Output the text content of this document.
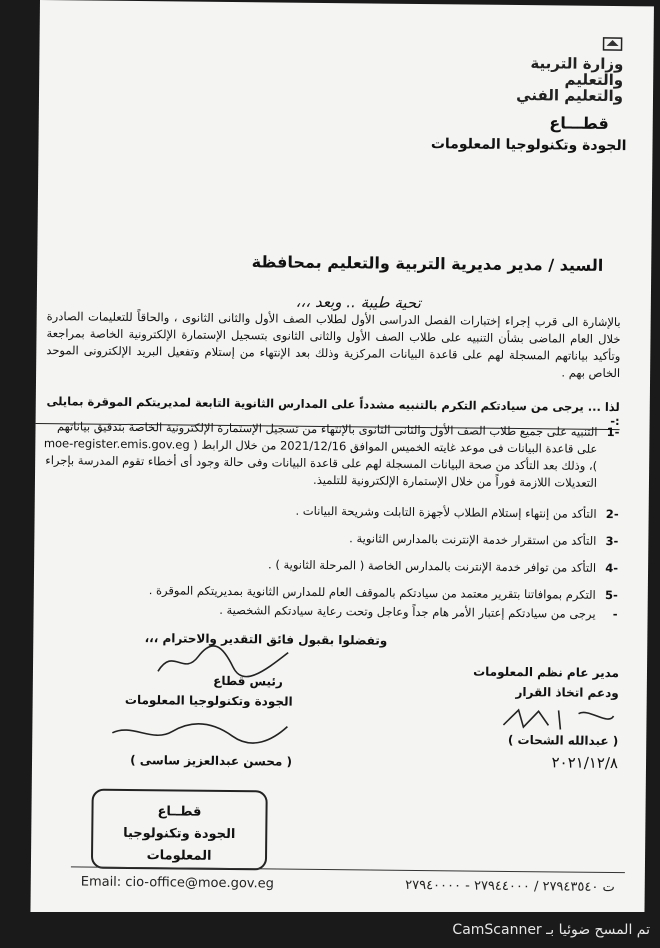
وزارة التربية والتعليم
والتعليم الفني
قطـــاع
الجودة وتكنولوجيا المعلومات
السيد / مدير مديرية التربية والتعليم بمحافظة
تحية طيبة .. وبعد ،،،
بالإشارة الى قرب إجراء إختبارات الفصل الدراسى الأول لطلاب الصف الأول والثانى الثانوى ، والحاقاً للتعليمات الصادرة خلال العام الماضى بشأن التنبيه على طلاب الصف الأول والثانى الثانوى بتسجيل الإستمارة الإلكترونية الخاصة بمراجعة وتأكيد بياناتهم المسجلة لهم على قاعدة البيانات المركزية وذلك بعد الإنتهاء من إستلام وتفعيل البريد الإلكترونى الموحد الخاص بهم .
لذا ... يرجى من سيادتكم التكرم بالتنبيه مشدداً على المدارس الثانوية التابعة لمديريتكم الموقرة بمايلى :-
-1
التنبيه على جميع طلاب الصف الأول والثانى الثانوى بالإنتهاء من تسجيل الإستمارة الإلكترونية الخاصة بتدقيق بياناتهم على قاعدة البيانات فى موعد غايته الخميس الموافق 2021/12/16 من خلال الرابط ( moe-register.emis.gov.eg )، وذلك بعد التأكد من صحة البيانات المسجلة لهم على قاعدة البيانات وفى حالة وجود أى أخطاء تقوم المدرسة بإجراء التعديلات اللازمة فوراً من خلال الإستمارة الإلكترونية للتلميذ.
-2
التأكد من إنتهاء إستلام الطلاب لأجهزة التابلت وشريحة البيانات .
-3
التأكد من استقرار خدمة الإنترنت بالمدارس الثانوية .
-4
التأكد من توافر خدمة الإنترنت بالمدارس الخاصة ( المرحلة الثانوية ) .
-5
التكرم بموافاتنا بتقرير معتمد من سيادتكم بالموقف العام للمدارس الثانوية بمديريتكم الموقرة .
-
يرجى من سيادتكم إعتبار الأمر هام جداً وعاجل وتحت رعاية سيادتكم الشخصية .
وتفضلوا بقبول فائق التقدير والاحترام ،،،
رئيس قطاع
الجودة وتكنولوجيا المعلومات
( محسن عبدالعزيز ساسى )
مدير عام نظم المعلومات
ودعم اتخاذ القرار
( عبدالله الشحات )
٢٠٢١/١٢/٨
قطــاع
الجودة وتكنولوجيا المعلومات
Email: cio-office@moe.gov.eg	ت ٢٧٩٤٣٥٤٠ / ٢٧٩٤٤٠٠٠ - ٢٧٩٤٠٠٠٠
تم المسح ضوئيا بـ CamScanner
